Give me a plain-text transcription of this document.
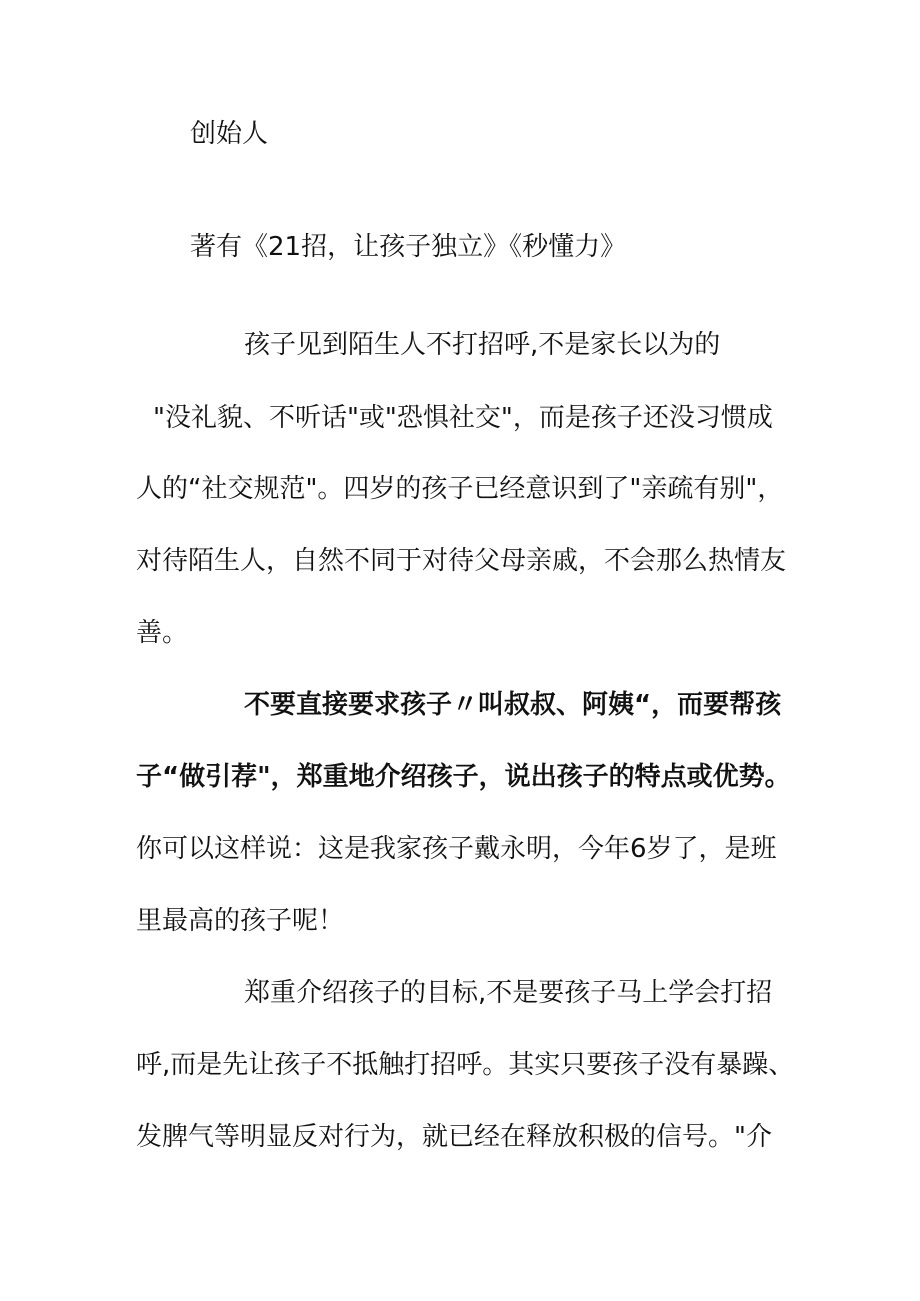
创始人
著有《21招，让孩子独立》《秒懂力》
孩子见到陌生人不打招呼,不是家长以为的
"没礼貌、不听话"或"恐惧社交"，而是孩子还没习惯成
人的“社交规范"。四岁的孩子已经意识到了"亲疏有别"，
对待陌生人，自然不同于对待父母亲戚，不会那么热情友
善。
不要直接要求孩子〃叫叔叔、阿姨“，而要帮孩
子“做引荐"，郑重地介绍孩子，说出孩子的特点或优势。
你可以这样说：这是我家孩子戴永明，今年6岁了，是班
里最高的孩子呢！
郑重介绍孩子的目标,不是要孩子马上学会打招
呼,而是先让孩子不抵触打招呼。其实只要孩子没有暴躁、
发脾气等明显反对行为，就已经在释放积极的信号。"介
